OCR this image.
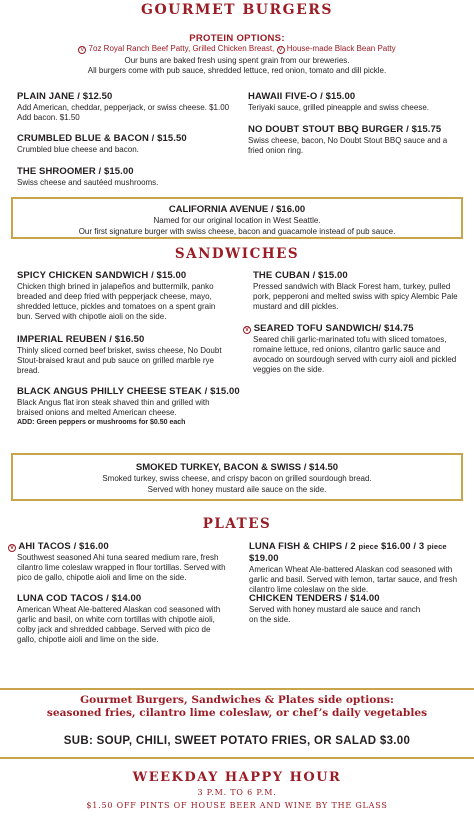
GOURMET BURGERS
PROTEIN OPTIONS:
V 7oz Royal Ranch Beef Patty, Grilled Chicken Breast, V House-made Black Bean Patty
Our buns are baked fresh using spent grain from our breweries.
All burgers come with pub sauce, shredded lettuce, red onion, tomato and dill pickle.
PLAIN JANE / $12.50
Add American, cheddar, pepperjack, or swiss cheese. $1.00
Add bacon. $1.50
CRUMBLED BLUE & BACON / $15.50
Crumbled blue cheese and bacon.
THE SHROOMER / $15.00
Swiss cheese and sautéed mushrooms.
HAWAII FIVE-O / $15.00
Teriyaki sauce, grilled pineapple and swiss cheese.
NO DOUBT STOUT BBQ BURGER / $15.75
Swiss cheese, bacon, No Doubt Stout BBQ sauce and a
fried onion ring.
CALIFORNIA AVENUE / $16.00
Named for our original location in West Seattle.
Our first signature burger with swiss cheese, bacon and guacamole instead of pub sauce.
SANDWICHES
SPICY CHICKEN SANDWICH / $15.00
Chicken thigh brined in jalapeños and buttermilk, panko
breaded and deep fried with pepperjack cheese, mayo,
shredded lettuce, pickles and tomatoes on a spent grain
bun. Served with chipotle aioli on the side.
IMPERIAL REUBEN / $16.50
Thinly sliced corned beef brisket, swiss cheese, No Doubt
Stout-braised kraut and pub sauce on grilled marble rye
bread.
BLACK ANGUS PHILLY CHEESE STEAK / $15.00
Black Angus flat iron steak shaved thin and grilled with
braised onions and melted American cheese.
ADD: Green peppers or mushrooms for $0.50 each
THE CUBAN / $15.00
Pressed sandwich with Black Forest ham, turkey, pulled
pork, pepperoni and melted swiss with spicy Alembic Pale
mustard and dill pickles.
V SEARED TOFU SANDWICH/ $14.75
Seared chili garlic-marinated tofu with sliced tomatoes,
romaine lettuce, red onions, cilantro garlic sauce and
avocado on sourdough served with curry aioli and pickled
veggies on the side.
SMOKED TURKEY, BACON & SWISS / $14.50
Smoked turkey, swiss cheese, and crispy bacon on grilled sourdough bread.
Served with honey mustard aile sauce on the side.
PLATES
V AHI TACOS / $16.00
Southwest seasoned Ahi tuna seared medium rare, fresh
cilantro lime coleslaw wrapped in flour tortillas. Served with
pico de gallo, chipotle aioli and lime on the side.
LUNA COD TACOS / $14.00
American Wheat Ale-battered Alaskan cod seasoned with
garlic and basil, on white corn tortillas with chipotle aioli,
colby jack and shredded cabbage. Served with pico de
gallo, chipotle aioli and lime on the side.
LUNA FISH & CHIPS / 2 piece $16.00 / 3 piece $19.00
American Wheat Ale-battered Alaskan cod seasoned with
garlic and basil. Served with lemon, tartar sauce, and fresh
cilantro lime coleslaw on the side.
CHICKEN TENDERS / $14.00
Served with honey mustard ale sauce and ranch
on the side.
Gourmet Burgers, Sandwiches & Plates side options:
seasoned fries, cilantro lime coleslaw, or chef’s daily vegetables
SUB: SOUP, CHILI, SWEET POTATO FRIES, OR SALAD $3.00
WEEKDAY HAPPY HOUR
3 P.M. TO 6 P.M.
$1.50 OFF PINTS OF HOUSE BEER AND WINE BY THE GLASS
